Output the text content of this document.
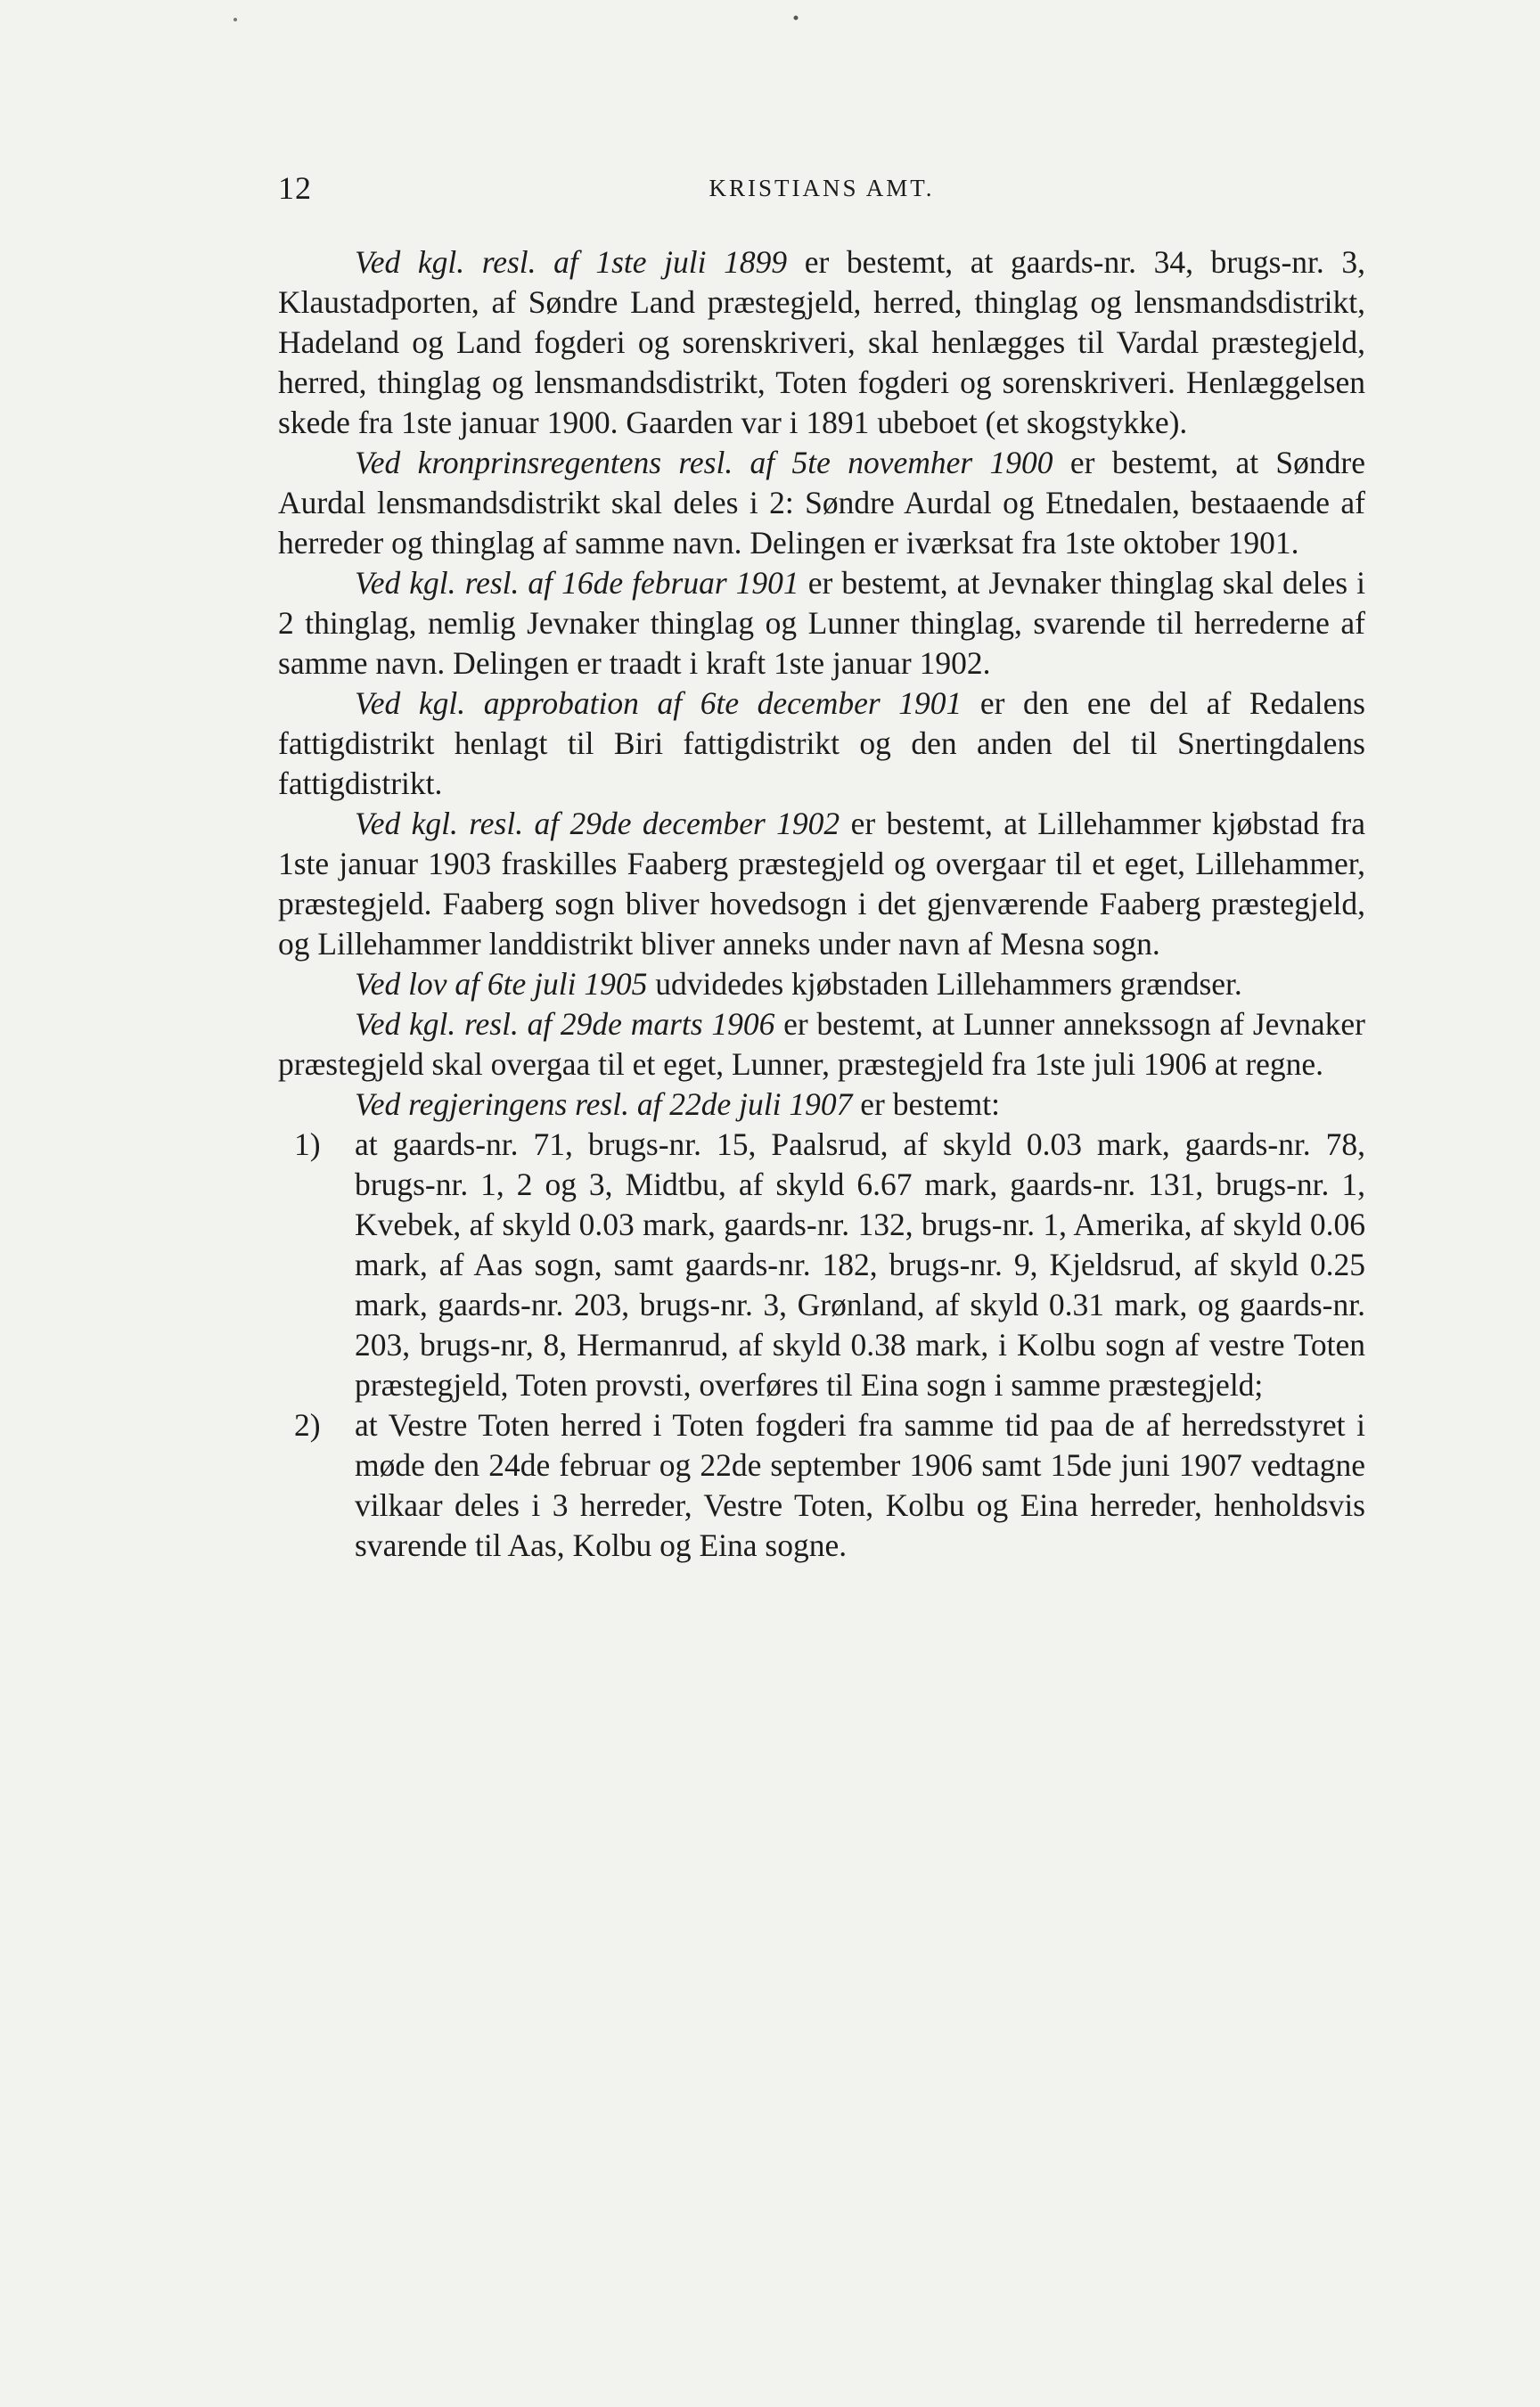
12	KRISTIANS AMT.

Ved kgl. resl. af 1ste juli 1899 er bestemt, at gaards-nr. 34, brugs-nr. 3, Klaustadporten, af Søndre Land præstegjeld, herred, thinglag og lensmandsdistrikt, Hadeland og Land fogderi og sorenskriveri, skal henlægges til Vardal præstegjeld, herred, thinglag og lensmandsdistrikt, Toten fogderi og sorenskriveri. Henlæggelsen skede fra 1ste januar 1900. Gaarden var i 1891 ubeboet (et skogstykke).

Ved kronprinsregentens resl. af 5te novemher 1900 er bestemt, at Søndre Aurdal lensmandsdistrikt skal deles i 2: Søndre Aurdal og Etnedalen, bestaaende af herreder og thinglag af samme navn. Delingen er iværksat fra 1ste oktober 1901.

Ved kgl. resl. af 16de februar 1901 er bestemt, at Jevnaker thinglag skal deles i 2 thinglag, nemlig Jevnaker thinglag og Lunner thinglag, svarende til herrederne af samme navn. Delingen er traadt i kraft 1ste januar 1902.

Ved kgl. approbation af 6te december 1901 er den ene del af Redalens fattigdistrikt henlagt til Biri fattigdistrikt og den anden del til Snertingdalens fattigdistrikt.

Ved kgl. resl. af 29de december 1902 er bestemt, at Lillehammer kjøbstad fra 1ste januar 1903 fraskilles Faaberg præstegjeld og overgaar til et eget, Lillehammer, præstegjeld. Faaberg sogn bliver hovedsogn i det gjenværende Faaberg præstegjeld, og Lillehammer landdistrikt bliver anneks under navn af Mesna sogn.

Ved lov af 6te juli 1905 udvidedes kjøbstaden Lillehammers grændser.

Ved kgl. resl. af 29de marts 1906 er bestemt, at Lunner annekssogn af Jevnaker præstegjeld skal overgaa til et eget, Lunner, præstegjeld fra 1ste juli 1906 at regne.

Ved regjeringens resl. af 22de juli 1907 er bestemt:

1) at gaards-nr. 71, brugs-nr. 15, Paalsrud, af skyld 0.03 mark, gaards-nr. 78, brugs-nr. 1, 2 og 3, Midtbu, af skyld 6.67 mark, gaards-nr. 131, brugs-nr. 1, Kvebek, af skyld 0.03 mark, gaards-nr. 132, brugs-nr. 1, Amerika, af skyld 0.06 mark, af Aas sogn, samt gaards-nr. 182, brugs-nr. 9, Kjeldsrud, af skyld 0.25 mark, gaards-nr. 203, brugs-nr. 3, Grønland, af skyld 0.31 mark, og gaards-nr. 203, brugs-nr, 8, Hermanrud, af skyld 0.38 mark, i Kolbu sogn af vestre Toten præstegjeld, Toten provsti, overføres til Eina sogn i samme præstegjeld;
2) at Vestre Toten herred i Toten fogderi fra samme tid paa de af herredsstyret i møde den 24de februar og 22de september 1906 samt 15de juni 1907 vedtagne vilkaar deles i 3 herreder, Vestre Toten, Kolbu og Eina herreder, henholdsvis svarende til Aas, Kolbu og Eina sogne.
